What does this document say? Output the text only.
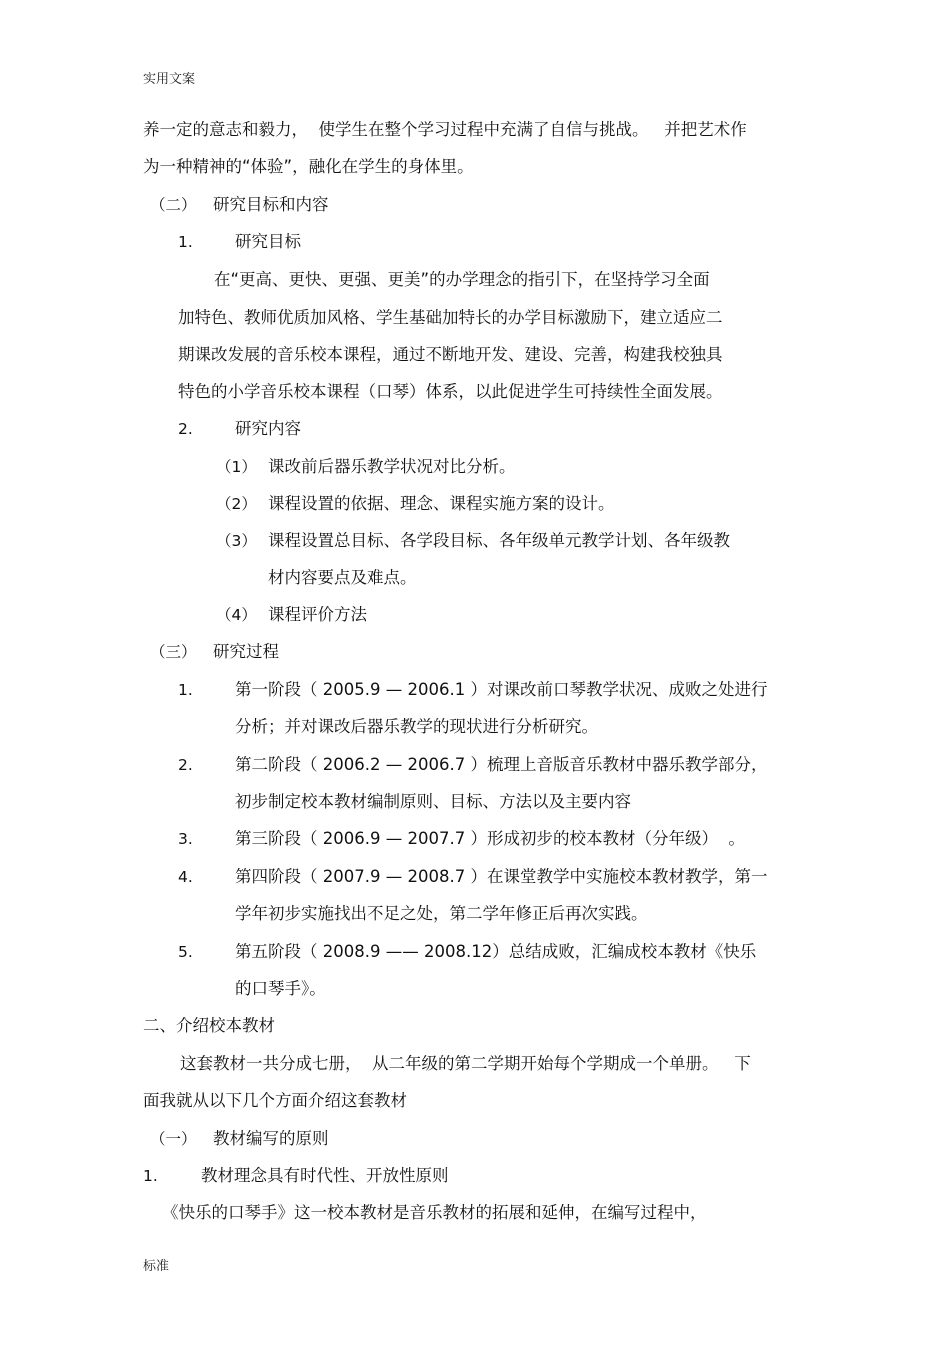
实用文案
养一定的意志和毅力，  使学生在整个学习过程中充满了自信与挑战。   并把艺术作
为一种精神的“体验”，融化在学生的身体里。
（二） 研究目标和内容
1.	研究目标
在“更高、更快、更强、更美”的办学理念的指引下，在坚持学习全面
加特色、教师优质加风格、学生基础加特长的办学目标激励下，建立适应二
期课改发展的音乐校本课程，通过不断地开发、建设、完善，构建我校独具
特色的小学音乐校本课程（口琴）体系，以此促进学生可持续性全面发展。
2.	研究内容
（1） 课改前后器乐教学状况对比分析。
（2） 课程设置的依据、理念、课程实施方案的设计。
（3） 课程设置总目标、各学段目标、各年级单元教学计划、各年级教
材内容要点及难点。
（4） 课程评价方法
（三） 研究过程
1.	第一阶段（ 2005.9 — 2006.1 ）对课改前口琴教学状况、成败之处进行
分析；并对课改后器乐教学的现状进行分析研究。
2.	第二阶段（ 2006.2 — 2006.7 ）梳理上音版音乐教材中器乐教学部分，
初步制定校本教材编制原则、目标、方法以及主要内容
3.	第三阶段（ 2006.9 — 2007.7 ）形成初步的校本教材（分年级）  。
4.	第四阶段（ 2007.9 — 2008.7 ）在课堂教学中实施校本教材教学，第一
学年初步实施找出不足之处，第二学年修正后再次实践。
5.	第五阶段（ 2008.9 —— 2008.12）总结成败，汇编成校本教材《快乐
的口琴手》。
二、介绍校本教材
这套教材一共分成七册，  从二年级的第二学期开始每个学期成一个单册。   下
面我就从以下几个方面介绍这套教材
（一） 教材编写的原则
1.	教材理念具有时代性、开放性原则
《快乐的口琴手》这一校本教材是音乐教材的拓展和延伸，在编写过程中，
标准
